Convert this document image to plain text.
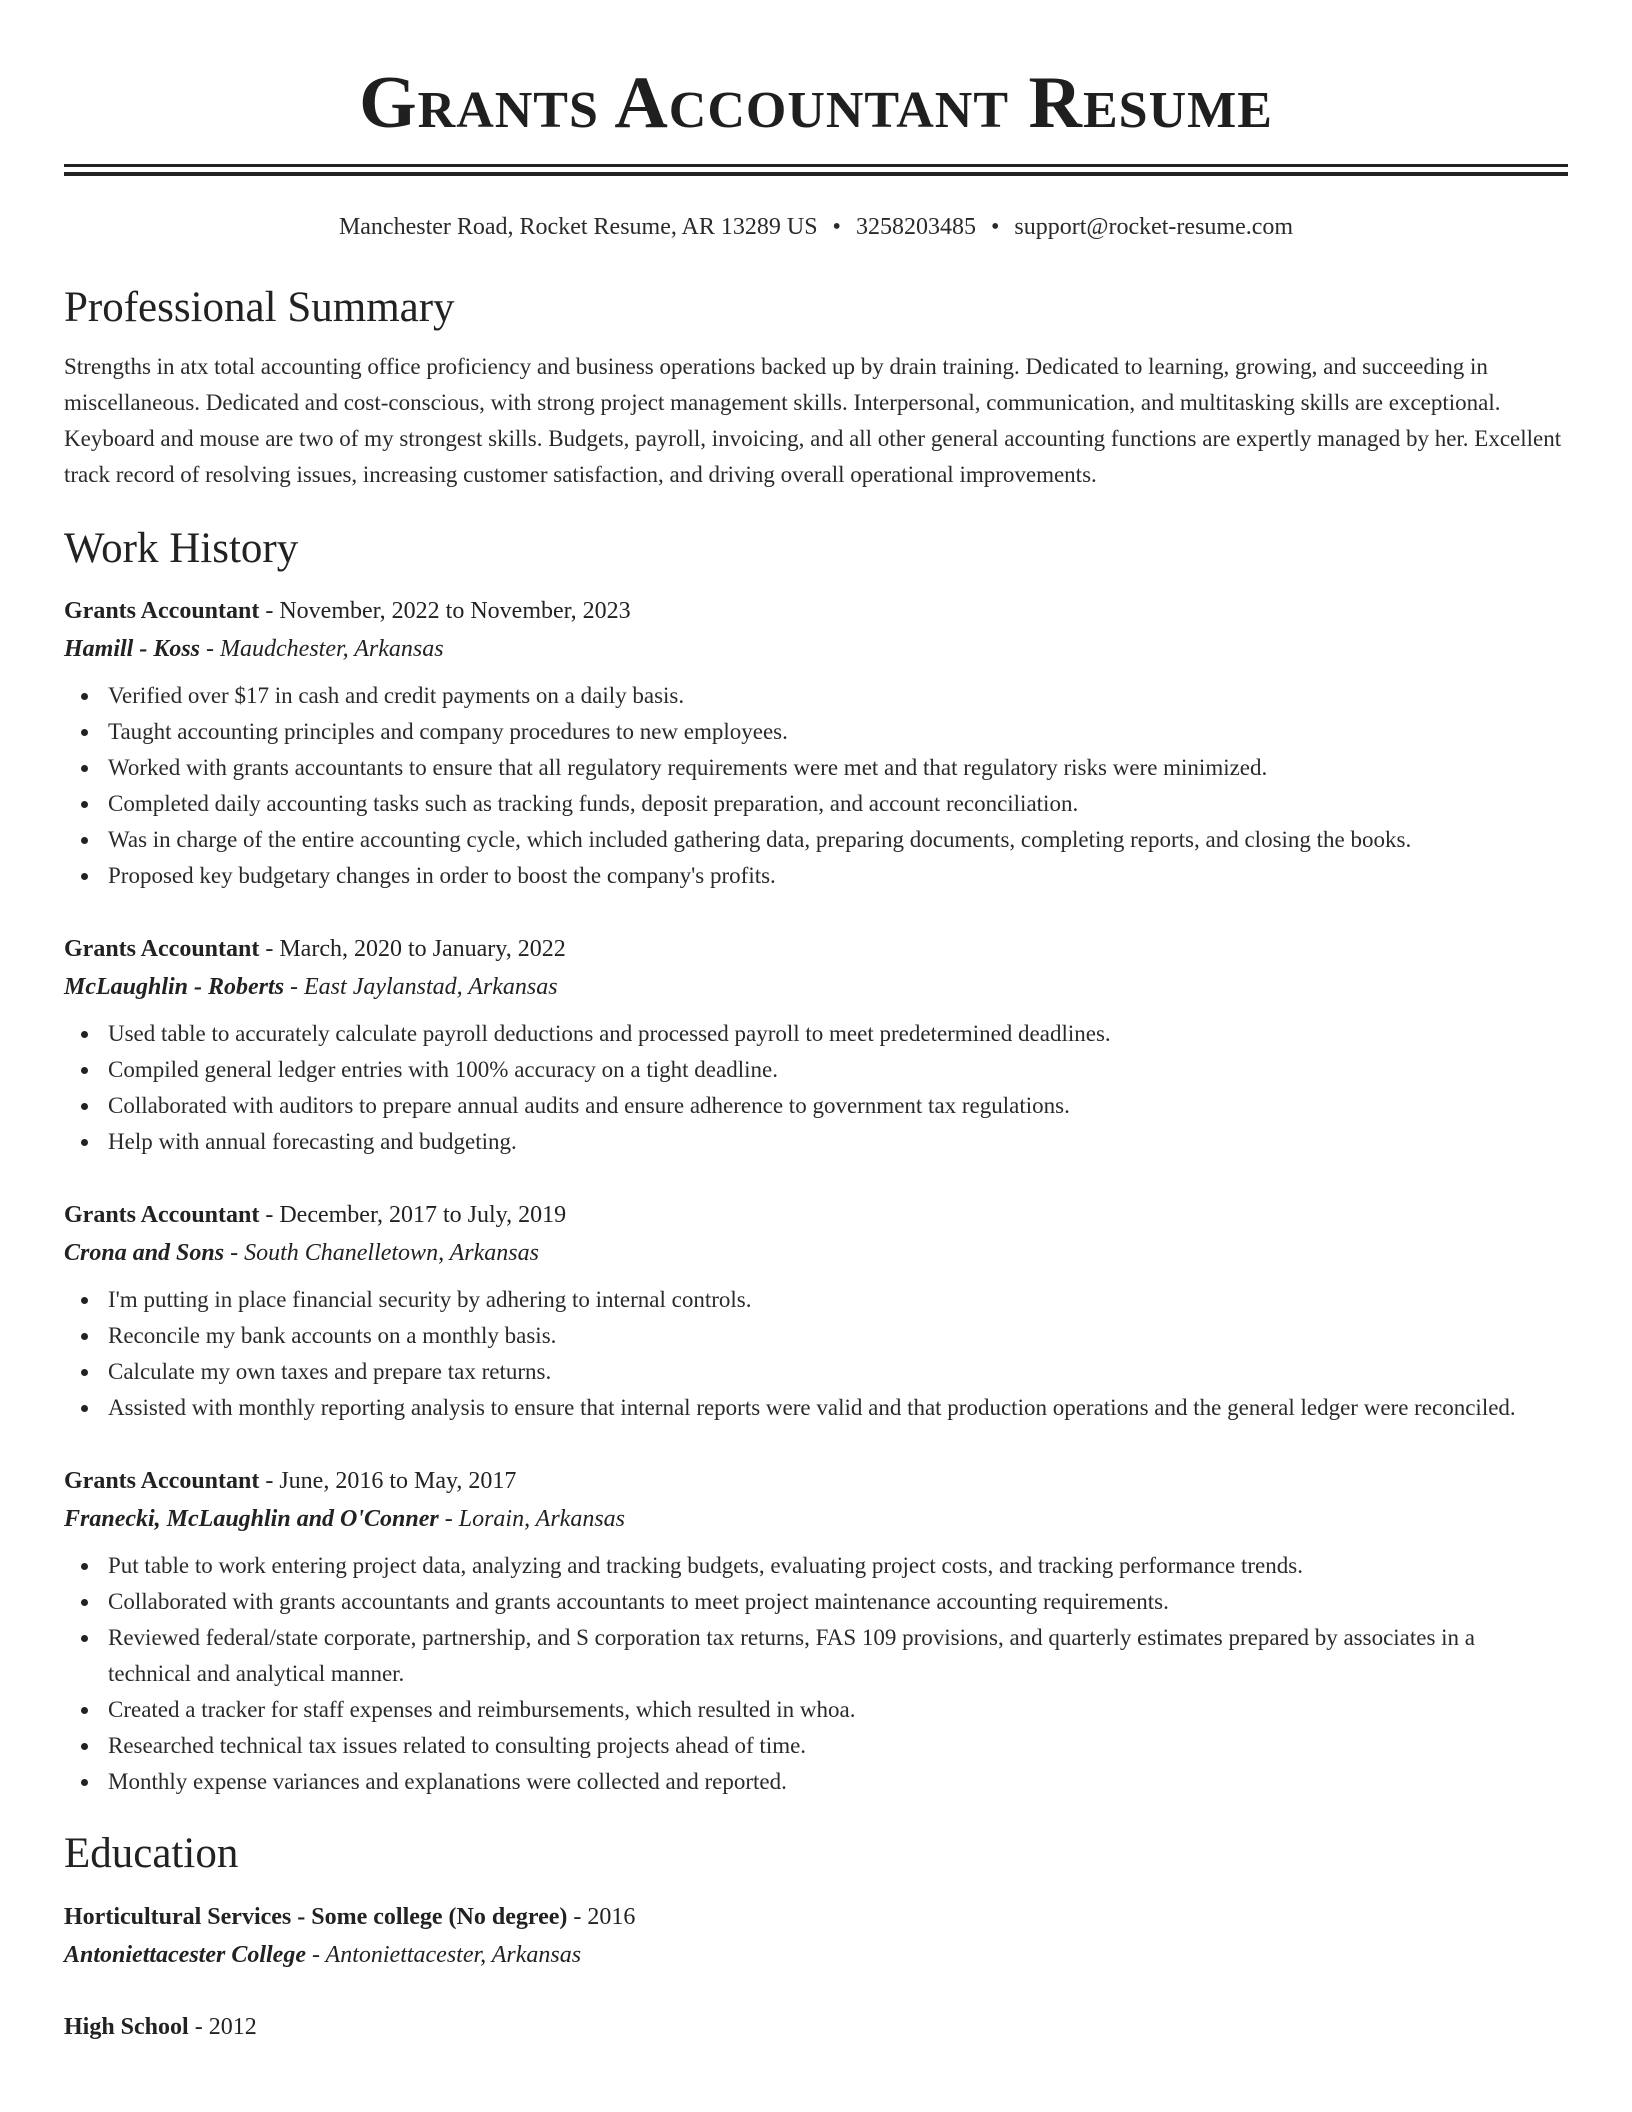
Grants Accountant Resume
Manchester Road, Rocket Resume, AR 13289 US • 3258203485 • support@rocket-resume.com
Professional Summary

Strengths in atx total accounting office proficiency and business operations backed up by drain training. Dedicated to learning, growing, and succeeding in miscellaneous. Dedicated and cost-conscious, with strong project management skills. Interpersonal, communication, and multitasking skills are exceptional. Keyboard and mouse are two of my strongest skills. Budgets, payroll, invoicing, and all other general accounting functions are expertly managed by her. Excellent track record of resolving issues, increasing customer satisfaction, and driving overall operational improvements.

Work History
Grants Accountant - November, 2022 to November, 2023
Hamill - Koss - Maudchester, Arkansas
Verified over $17 in cash and credit payments on a daily basis.
Taught accounting principles and company procedures to new employees.
Worked with grants accountants to ensure that all regulatory requirements were met and that regulatory risks were minimized.
Completed daily accounting tasks such as tracking funds, deposit preparation, and account reconciliation.
Was in charge of the entire accounting cycle, which included gathering data, preparing documents, completing reports, and closing the books.
Proposed key budgetary changes in order to boost the company's profits.
Grants Accountant - March, 2020 to January, 2022
McLaughlin - Roberts - East Jaylanstad, Arkansas
Used table to accurately calculate payroll deductions and processed payroll to meet predetermined deadlines.
Compiled general ledger entries with 100% accuracy on a tight deadline.
Collaborated with auditors to prepare annual audits and ensure adherence to government tax regulations.
Help with annual forecasting and budgeting.
Grants Accountant - December, 2017 to July, 2019
Crona and Sons - South Chanelletown, Arkansas
I'm putting in place financial security by adhering to internal controls.
Reconcile my bank accounts on a monthly basis.
Calculate my own taxes and prepare tax returns.
Assisted with monthly reporting analysis to ensure that internal reports were valid and that production operations and the general ledger were reconciled.
Grants Accountant - June, 2016 to May, 2017
Franecki, McLaughlin and O'Conner - Lorain, Arkansas
Put table to work entering project data, analyzing and tracking budgets, evaluating project costs, and tracking performance trends.
Collaborated with grants accountants and grants accountants to meet project maintenance accounting requirements.
Reviewed federal/state corporate, partnership, and S corporation tax returns, FAS 109 provisions, and quarterly estimates prepared by associates in a technical and analytical manner.
Created a tracker for staff expenses and reimbursements, which resulted in whoa.
Researched technical tax issues related to consulting projects ahead of time.
Monthly expense variances and explanations were collected and reported.
Education
Horticultural Services - Some college (No degree) - 2016
Antoniettacester College - Antoniettacester, Arkansas
High School - 2012
